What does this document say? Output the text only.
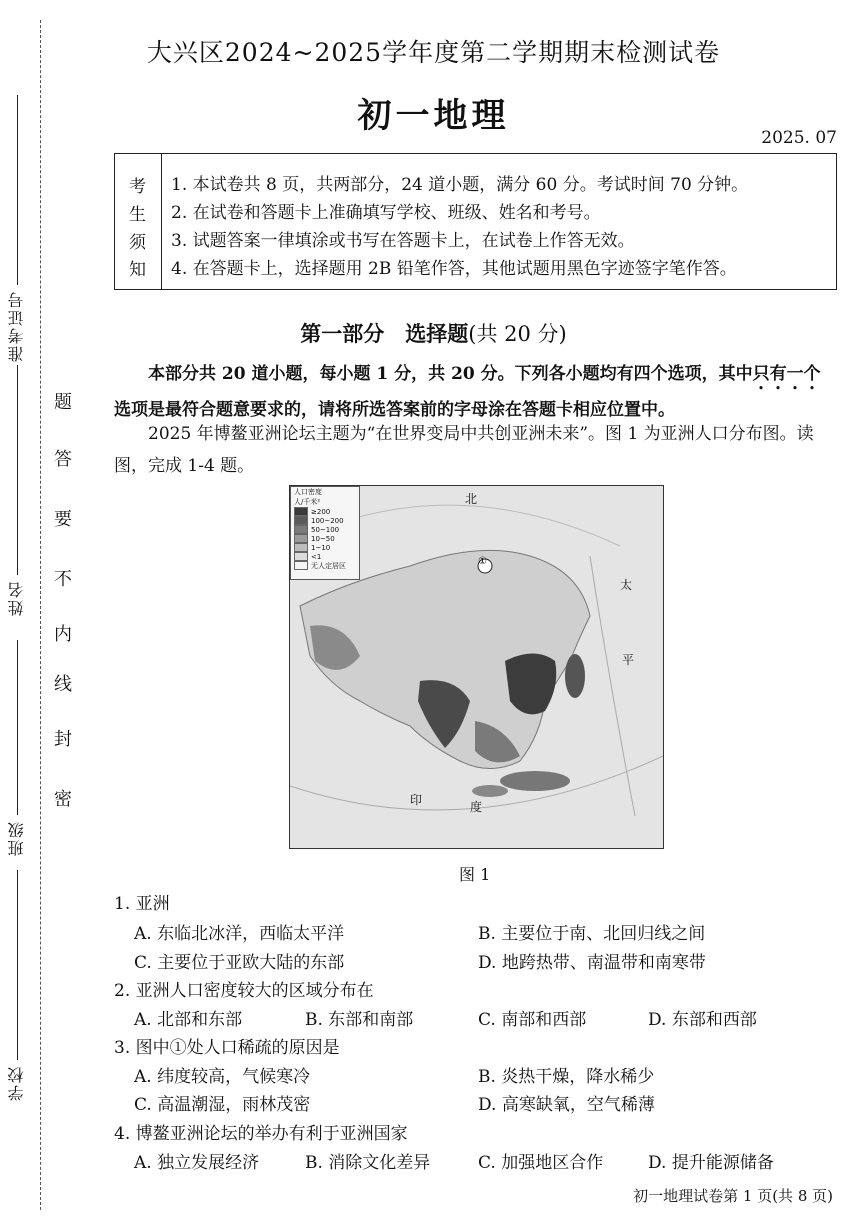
准考证号
姓名
班级
学校
密
封
线
内
不
要
答
题
大兴区2024~2025学年度第二学期期末检测试卷
初一地理
2025. 07
考
生
须
知
1. 本试卷共 8 页，共两部分，24 道小题，满分 60 分。考试时间 70 分钟。
2. 在试卷和答题卡上准确填写学校、班级、姓名和考号。
3. 试题答案一律填涂或书写在答题卡上，在试卷上作答无效。
4. 在答题卡上，选择题用 2B 铅笔作答，其他试题用黑色字迹签字笔作答。
第一部分　选择题(共 20 分)
本部分共 20 道小题，每小题 1 分，共 20 分。下列各小题均有四个选项，其中只有一个选项是最符合题意要求的，请将所选答案前的字母涂在答题卡相应位置中。
2025 年博鳌亚洲论坛主题为“在世界变局中共创亚洲未来”。图 1 为亚洲人口分布图。读图，完成 1-4 题。
人口密度
人/千米²
≥200
100~200
50~100
10~50
1~10
<1
无人定居区	①
北
太
平
印	度
图 1
1. 亚洲
A. 东临北冰洋，西临太平洋	B. 主要位于南、北回归线之间
C. 主要位于亚欧大陆的东部	D. 地跨热带、南温带和南寒带
2. 亚洲人口密度较大的区域分布在
A. 北部和东部	B. 东部和南部	C. 南部和西部	D. 东部和西部
3. 图中①处人口稀疏的原因是
A. 纬度较高，气候寒冷	B. 炎热干燥，降水稀少
C. 高温潮湿，雨林茂密	D. 高寒缺氧，空气稀薄
4. 博鳌亚洲论坛的举办有利于亚洲国家
A. 独立发展经济	B. 消除文化差异	C. 加强地区合作	D. 提升能源储备
初一地理试卷第 1 页(共 8 页)
